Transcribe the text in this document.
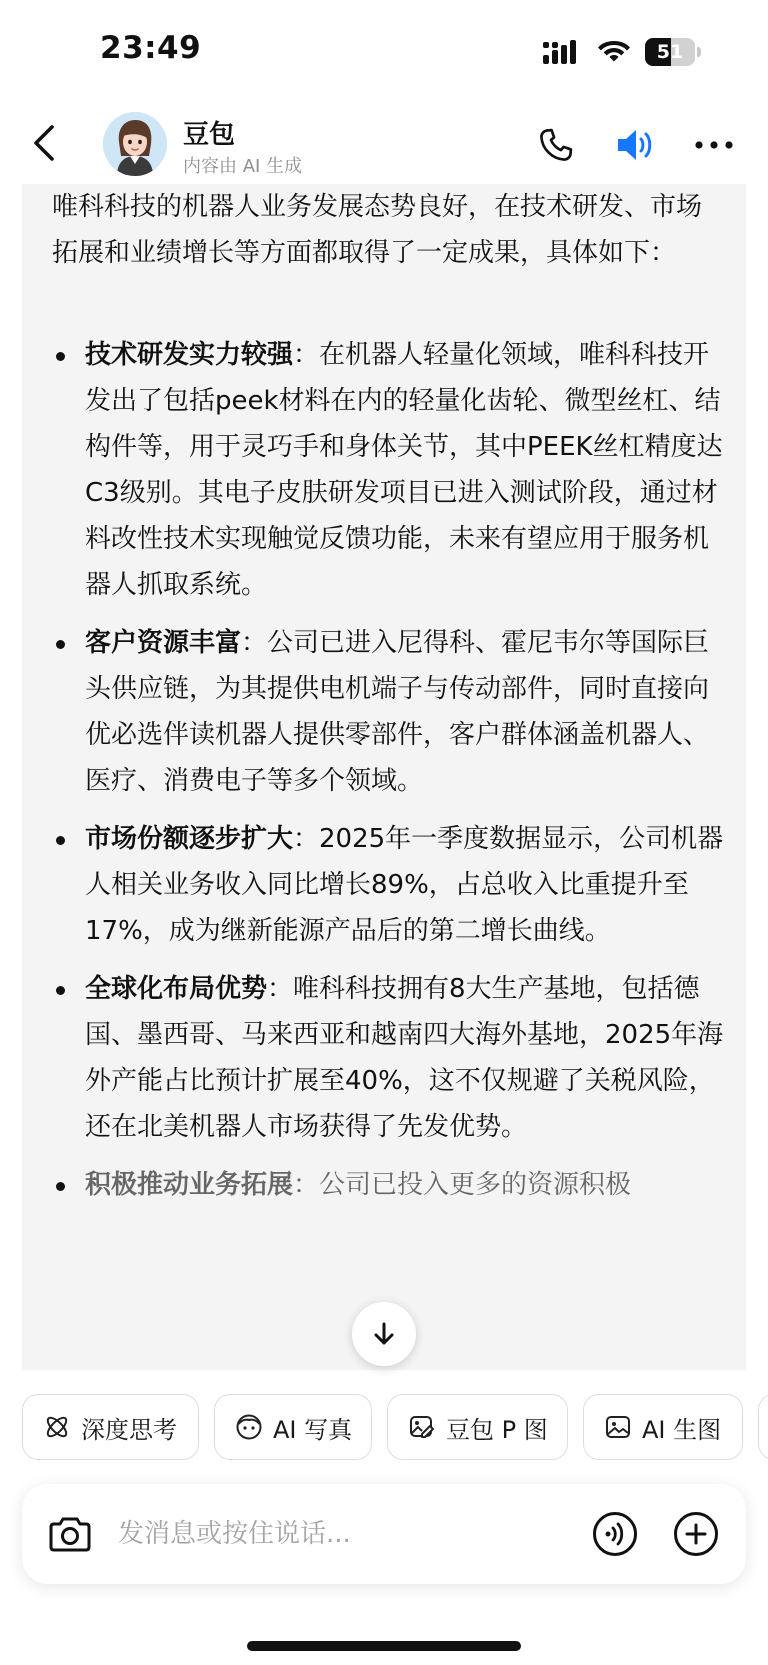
23:49	51
豆包
内容由 AI 生成
唯科科技的机器人业务发展态势良好，在技术研发、市场拓展和业绩增长等方面都取得了一定成果，具体如下：
技术研发实力较强：在机器人轻量化领域，唯科科技开发出了包括peek材料在内的轻量化齿轮、微型丝杠、结构件等，用于灵巧手和身体关节，其中PEEK丝杠精度达C3级别。其电子皮肤研发项目已进入测试阶段，通过材料改性技术实现触觉反馈功能，未来有望应用于服务机器人抓取系统。
客户资源丰富：公司已进入尼得科、霍尼韦尔等国际巨头供应链，为其提供电机端子与传动部件，同时直接向优必选伴读机器人提供零部件，客户群体涵盖机器人、医疗、消费电子等多个领域。
市场份额逐步扩大：2025年一季度数据显示，公司机器人相关业务收入同比增长89%，占总收入比重提升至17%，成为继新能源产品后的第二增长曲线。
全球化布局优势：唯科科技拥有8大生产基地，包括德国、墨西哥、马来西亚和越南四大海外基地，2025年海外产能占比预计扩展至40%，这不仅规避了关税风险，还在北美机器人市场获得了先发优势。
积极推动业务拓展：公司已投入更多的资源积极
深度思考	AI 写真	豆包 P 图	AI 生图
发消息或按住说话...
